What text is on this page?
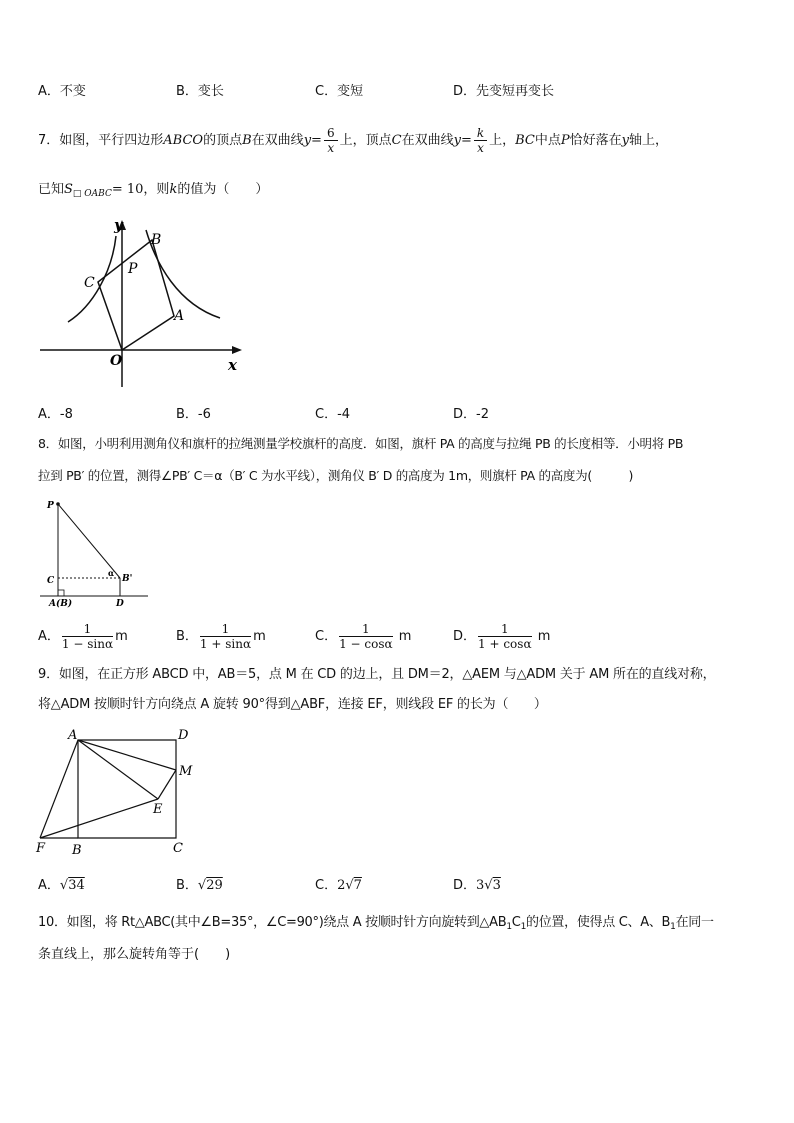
A．不变	B．变长	C．变短	D．先变短再变长
7．如图，平行四边形ABCO的顶点B在双曲线$y= \frac{6}{x}$ 上，顶点C在双曲线$y= \frac{k}{x}$ 上，BC中点P恰好落在y轴上，
已知$S_{□ OABC}= 10$，则k的值为（　　）
y
x
B
C
P
A
O
A．-8	B．-6	C．-4	D．-2
8．如图，小明利用测角仪和旗杆的拉绳测量学校旗杆的高度．如图，旗杆 PA 的高度与拉绳 PB 的长度相等．小明将 PB
拉到 PB′ 的位置，测得∠PB′ C＝α（B′ C 为水平线），测角仪 B′ D 的高度为 1m，则旗杆 PA 的高度为(　　　)
P
C	B'
α
A(B)	D
A． $\frac{1}{1 - \sin\alpha}$ m	B． $\frac{1}{1 + \sin\alpha}$ m	C． $\frac{1}{1 - \cos\alpha}$ m	D． $\frac{1}{1 + \cos\alpha}$ m
9．如图，在正方形 ABCD 中，AB＝5，点 M 在 CD 的边上，且 DM＝2，△AEM 与△ADM 关于 AM 所在的直线对称，
将△ADM 按顺时针方向绕点 A 旋转 90°得到△ABF，连接 EF，则线段 EF 的长为（　　）
A	D
M
E
F B	C
A．√34	B．√29	C．2√7	D．3√3
10．如图，将 Rt△ABC(其中∠B=35°，∠C=90°)绕点 A 按顺时针方向旋转到$\triangle AB_1C_1$的位置，使得点 C、A、$B_1$在同一
条直线上，那么旋转角等于(　　)
